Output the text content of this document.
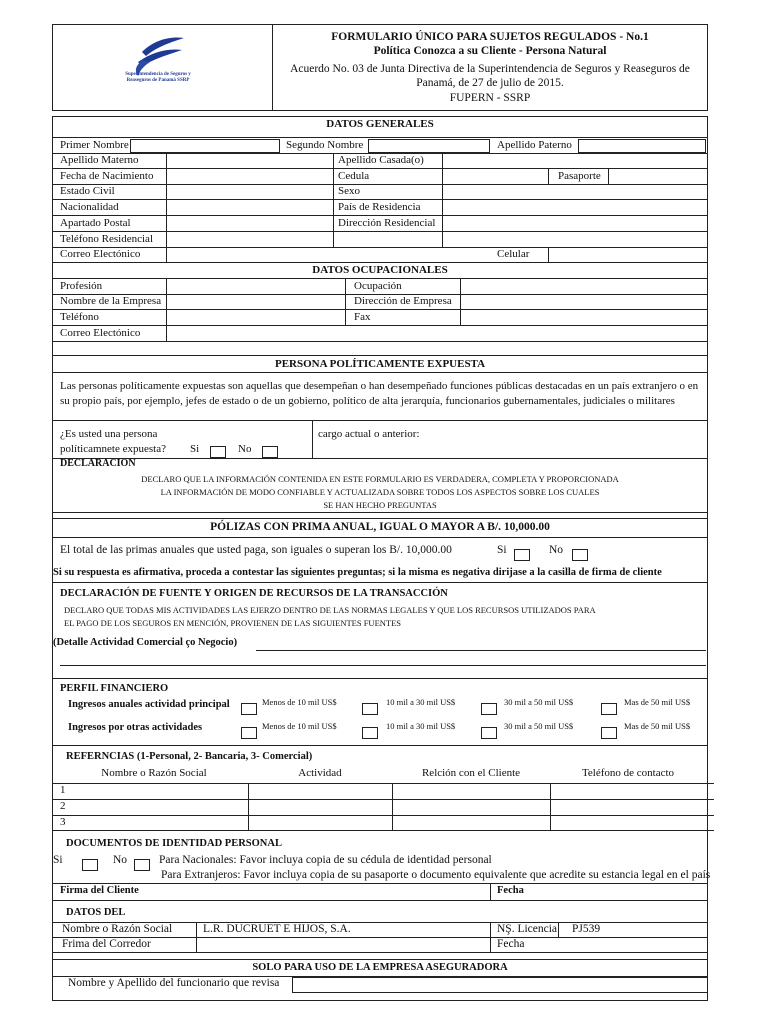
Superintendencia de Seguros y Reaseguros de Panamá SSRP
FORMULARIO ÚNICO PARA SUJETOS REGULADOS - No.1
Política Conozca a su Cliente - Persona Natural
Acuerdo No. 03 de Junta Directiva de la Superintendencia de Seguros y Reaseguros de
Panamá, de 27 de julio de 2015.
FUPERN - SSRP
DATOS GENERALES
Primer Nombre	Segundo Nombre	Apellido Paterno
Apellido Materno	Apellido Casada(o)
Fecha de Nacimiento	Cedula	Pasaporte
Estado Civil	Sexo
Nacionalidad	País de Residencia
Apartado Postal	Dirección Residencial
Teléfono Residencial
Correo Electónico	Celular
DATOS OCUPACIONALES
Profesión	Ocupación
Nombre de la Empresa	Dirección de Empresa
Teléfono	Fax
Correo Electónico
PERSONA POLÍTICAMENTE EXPUESTA
Las personas políticamente expuestas son aquellas que desempeñan o han desempeñado funciones públicas destacadas en un país extranjero o en su propio país, por ejemplo, jefes de estado o de un gobierno, político de alta jerarquía, funcionarios gubernamentales, judiciales o militares
¿Es usted una persona
políticamnete expuesta? Si	No
cargo actual o anterior:
DECLARACION
DECLARO QUE LA INFORMACIÓN CONTENIDA EN ESTE FORMULARIO ES VERDADERA, COMPLETA Y PROPORCIONADA
LA INFORMACIÓN DE MODO CONFIABLE Y ACTUALIZADA SOBRE TODOS LOS ASPECTOS SOBRE LOS CUALES
SE HAN HECHO PREGUNTAS
PÓLIZAS CON PRIMA ANUAL, IGUAL O MAYOR A B/. 10,000.00
El total de las primas anuales que usted paga, son iguales o superan los B/. 10,000.00	Si	No
Si su respuesta es afirmativa, proceda a contestar las siguientes preguntas; si la misma es negativa dirijase a la casilla de firma de cliente
DECLARACIÓN DE FUENTE Y ORIGEN DE RECURSOS DE LA TRANSACCIÓN
DECLARO QUE TODAS MIS ACTIVIDADES LAS EJERZO DENTRO DE LAS NORMAS LEGALES Y QUE LOS RECURSOS UTILIZADOS PARA
EL PAGO DE LOS SEGUROS EN MENCIÓN, PROVIENEN DE LAS SIGUIENTES FUENTES
(Detalle Actividad Comercial ço Negocio)
PERFIL FINANCIERO
Ingresos anuales actividad principal	Menos de 10 mil US$	10 mil a 30 mil US$	30 mil a 50 mil US$	Mas de 50 mil US$
Ingresos por otras actividades	Menos de 10 mil US$	10 mil a 30 mil US$	30 mil a 50 mil US$	Mas de 50 mil US$
REFERNCIAS (1-Personal, 2- Bancaria, 3- Comercial)
Nombre o Razón Social	Actividad	Relción con el Cliente	Teléfono de contacto
1
2
3
DOCUMENTOS DE IDENTIDAD PERSONAL
Si	No	Para Nacionales: Favor incluya copia de su cédula de identidad personal
Para Extranjeros: Favor incluya copia de su pasaporte o documento equivalente que acredite su estancia legal en el país
Firma del Cliente	Fecha
DATOS DEL
Nombre o Razón Social	L.R. DUCRUET E HIJOS, S.A.	NŞ. Licencia PJ539
Frima del Corredor	Fecha
SOLO PARA USO DE LA EMPRESA ASEGURADORA
Nombre y Apellido del funcionario que revisa
